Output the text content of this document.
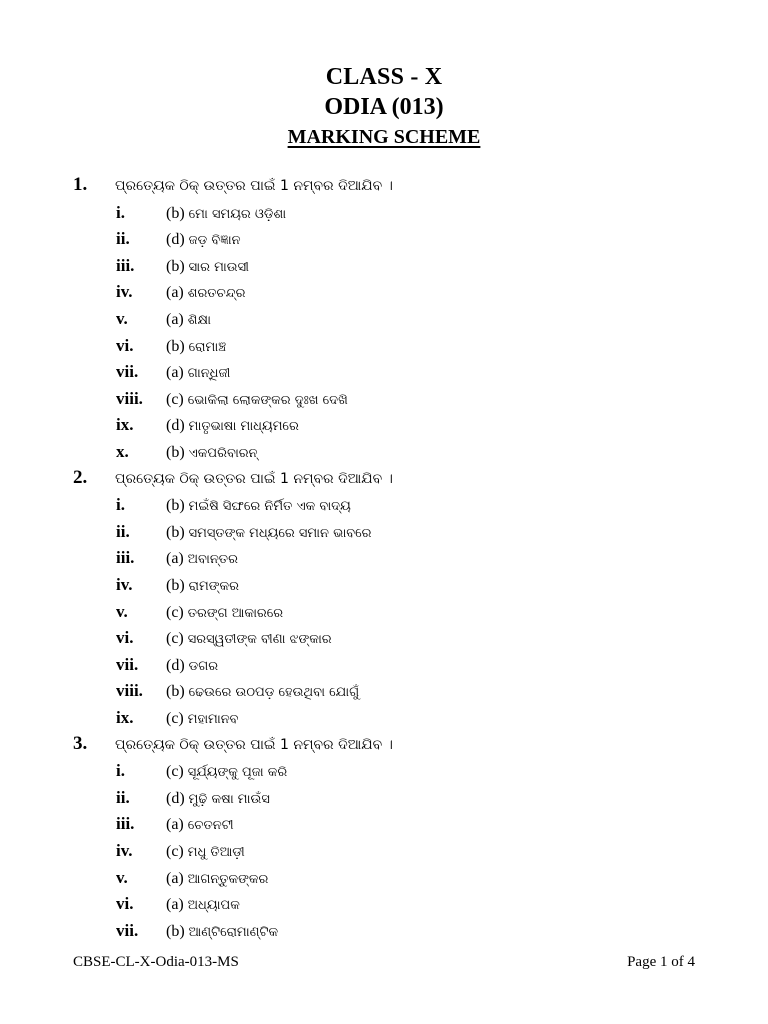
CLASS - X
ODIA (013)
MARKING SCHEME
1. ପ୍ରତ୍ୟେକ ଠିକ୍ ଉତ୍ତର ପାଇଁ 1 ନମ୍ବର ଦିଆଯିବ ।
i.	(b) ମୋ ସମୟର ଓଡ଼ିଶା
ii. (d) ଜଡ଼ ବିଜ୍ଞାନ
iii. (b) ସାର ମାଉସୀ
iv. (a) ଶରତଚନ୍ଦ୍ର
v. (a) ଶିକ୍ଷା
vi. (b) ରୋମାଞ୍ଚ
vii. (a) ଗାନ୍ଧିଜୀ
viii. (c) ଭୋକିଲା ଲୋକଙ୍କର ଦୁଃଖ ଦେଖି
ix. (d) ମାତୃଭାଷା ମାଧ୍ୟମରେ
x. (b) ଏକପରିବାରନ୍
2. ପ୍ରତ୍ୟେକ ଠିକ୍ ଉତ୍ତର ପାଇଁ 1 ନମ୍ବର ଦିଆଯିବ ।
i.	(b) ମଇଁଷି ସିଙ୍ଘରେ ନିର୍ମିତ ଏକ ବାଦ୍ୟ
ii. (b) ସମସ୍ତଙ୍କ ମଧ୍ୟରେ ସମାନ ଭାବରେ
iii. (a) ଅବାନ୍ତର
iv. (b) ରାମଙ୍କର
v. (c) ତରଙ୍ଗ ଆକାରରେ
vi. (c) ସରସ୍ୱତୀଙ୍କ ବୀଣା ଝଙ୍କାର
vii. (d) ଡଗର
viii. (b) ଢେଉରେ ଉଠପଡ଼ ହେଉଥିବା ଯୋଗୁଁ
ix. (c) ମହାମାନବ
3. ପ୍ରତ୍ୟେକ ଠିକ୍ ଉତ୍ତର ପାଇଁ 1 ନମ୍ବର ଦିଆଯିବ ।
i.	(c) ସୂର୍ଯ୍ୟଙ୍କୁ ପୂଜା କରି
ii. (d) ମୁଢ଼ି କଷା ମାଉଁସ
iii. (a) ଚେତନଟୀ
iv. (c) ମଧୁ ତିଆଡ଼ୀ
v. (a) ଆଗନ୍ତୁକଙ୍କର
vi. (a) ଅଧ୍ୟାପକ
vii. (b) ଆଣ୍ଟିରୋମାଣ୍ଟିକ
CBSE-CL-X-Odia-013-MS	Page 1 of 4
